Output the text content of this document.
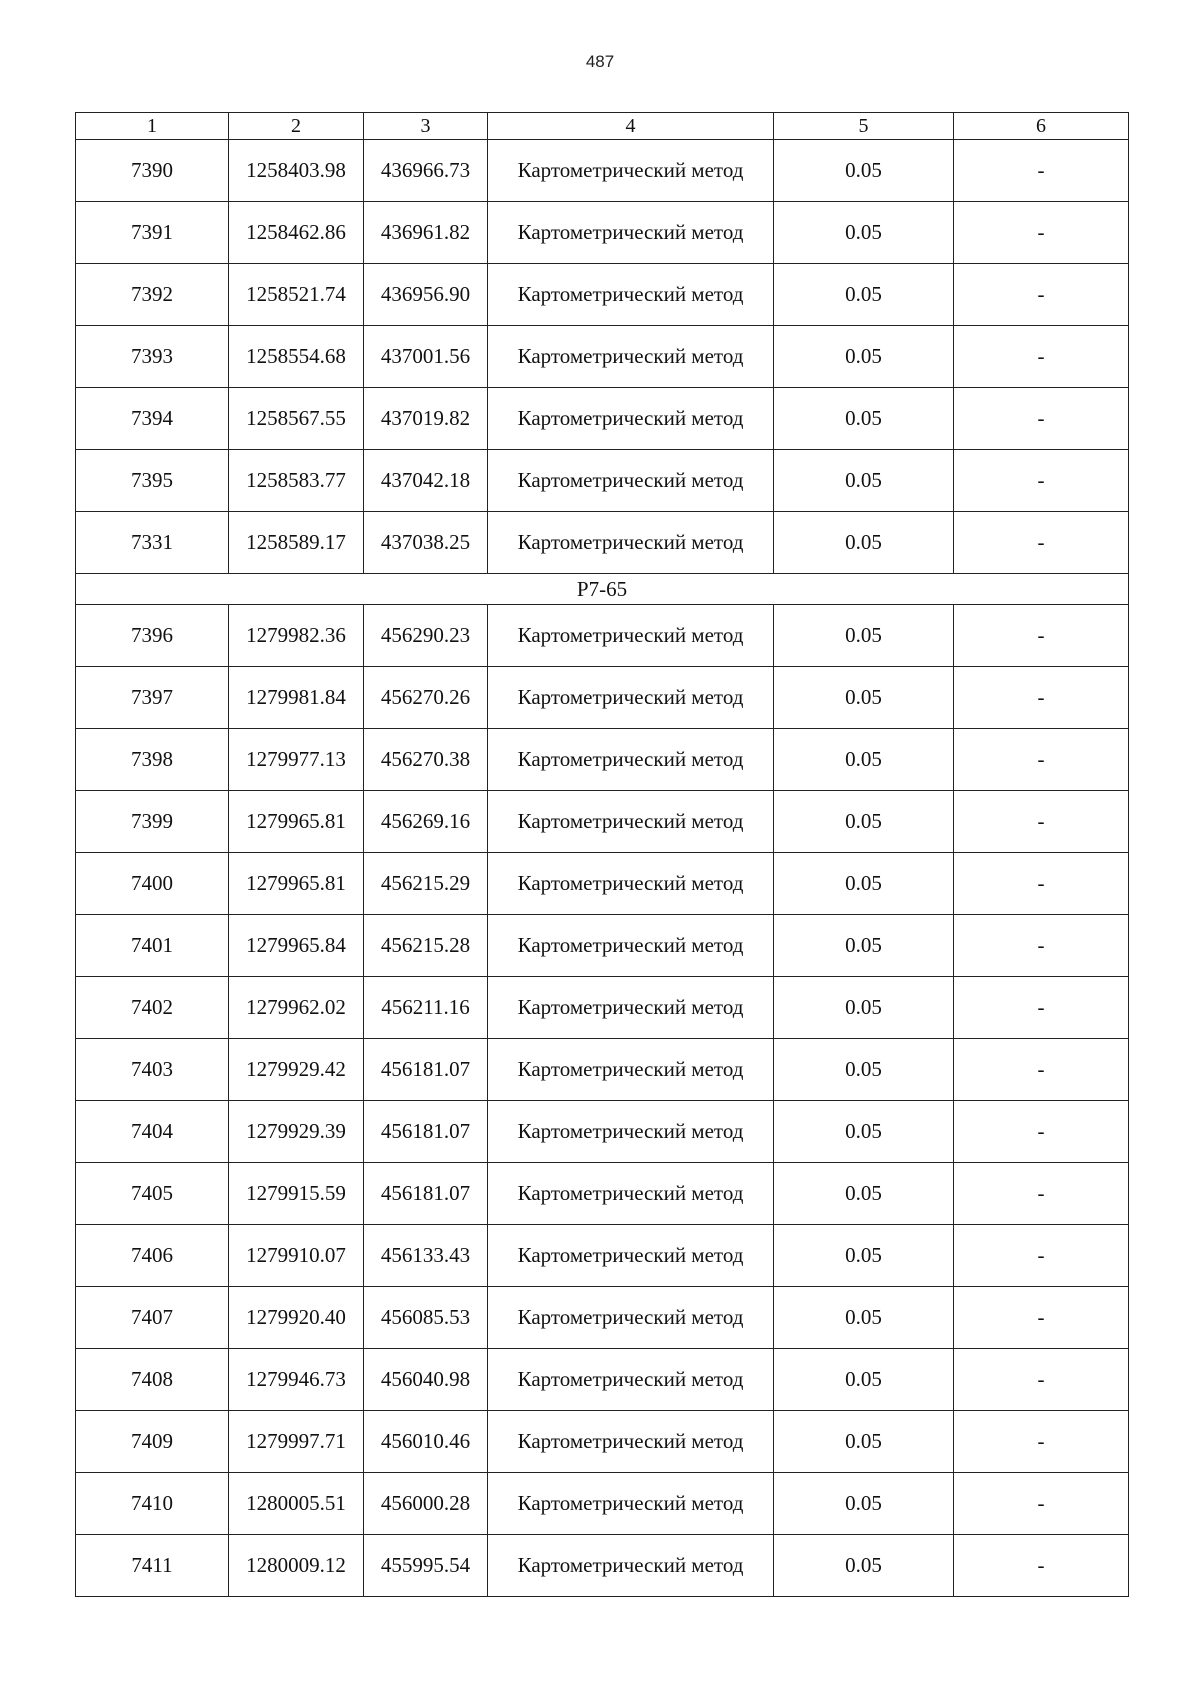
487
1	2	3	4	5	6
7390	1258403.98	436966.73	Картометрический метод	0.05	-
7391	1258462.86	436961.82	Картометрический метод	0.05	-
7392	1258521.74	436956.90	Картометрический метод	0.05	-
7393	1258554.68	437001.56	Картометрический метод	0.05	-
7394	1258567.55	437019.82	Картометрический метод	0.05	-
7395	1258583.77	437042.18	Картометрический метод	0.05	-
7331	1258589.17	437038.25	Картометрический метод	0.05	-
Р7-65					
7396	1279982.36	456290.23	Картометрический метод	0.05	-
7397	1279981.84	456270.26	Картометрический метод	0.05	-
7398	1279977.13	456270.38	Картометрический метод	0.05	-
7399	1279965.81	456269.16	Картометрический метод	0.05	-
7400	1279965.81	456215.29	Картометрический метод	0.05	-
7401	1279965.84	456215.28	Картометрический метод	0.05	-
7402	1279962.02	456211.16	Картометрический метод	0.05	-
7403	1279929.42	456181.07	Картометрический метод	0.05	-
7404	1279929.39	456181.07	Картометрический метод	0.05	-
7405	1279915.59	456181.07	Картометрический метод	0.05	-
7406	1279910.07	456133.43	Картометрический метод	0.05	-
7407	1279920.40	456085.53	Картометрический метод	0.05	-
7408	1279946.73	456040.98	Картометрический метод	0.05	-
7409	1279997.71	456010.46	Картометрический метод	0.05	-
7410	1280005.51	456000.28	Картометрический метод	0.05	-
7411	1280009.12	455995.54	Картометрический метод	0.05	-
